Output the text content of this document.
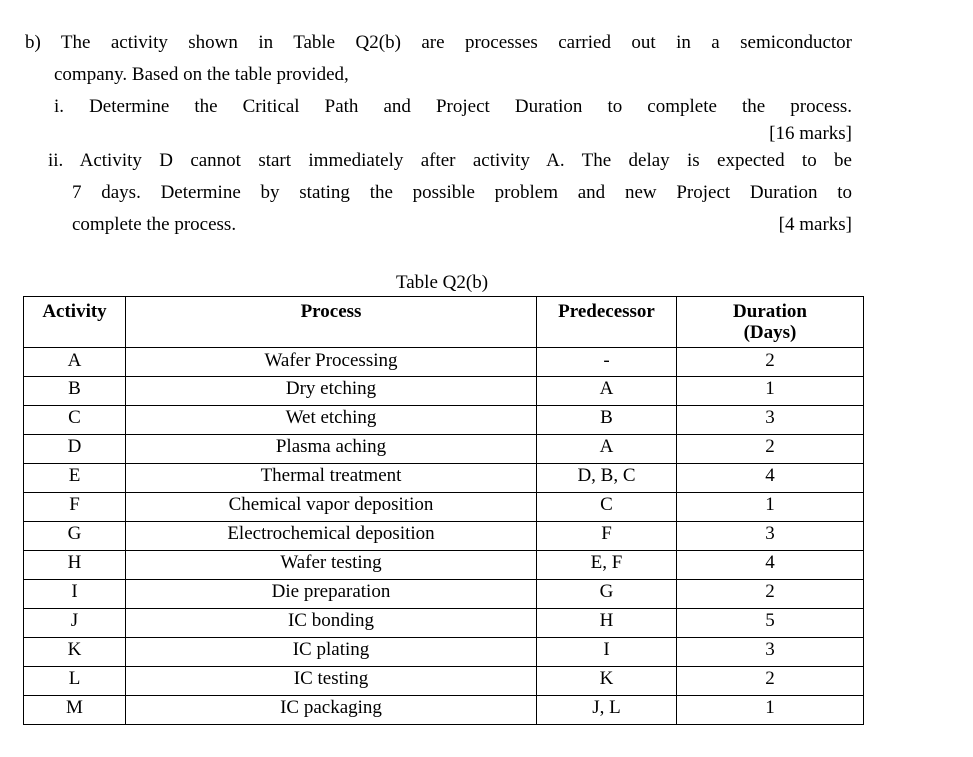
b) The activity shown in Table Q2(b) are processes carried out in a semiconductor
company. Based on the table provided,
i. Determine the Critical Path and Project Duration to complete the process.
[16 marks]
ii. Activity D cannot start immediately after activity A. The delay is expected to be
7 days. Determine by stating the possible problem and new Project Duration to
complete the process.	[4 marks]
Table Q2(b)
Activity	Process	Predecessor	Duration
(Days)
A	Wafer Processing	-	2
B	Dry etching	A	1
C	Wet etching	B	3
D	Plasma aching	A	2
E	Thermal treatment	D, B, C	4
F	Chemical vapor deposition	C	1
G	Electrochemical deposition	F	3
H	Wafer testing	E, F	4
I	Die preparation	G	2
J	IC bonding	H	5
K	IC plating	I	3
L	IC testing	K	2
M	IC packaging	J, L	1
